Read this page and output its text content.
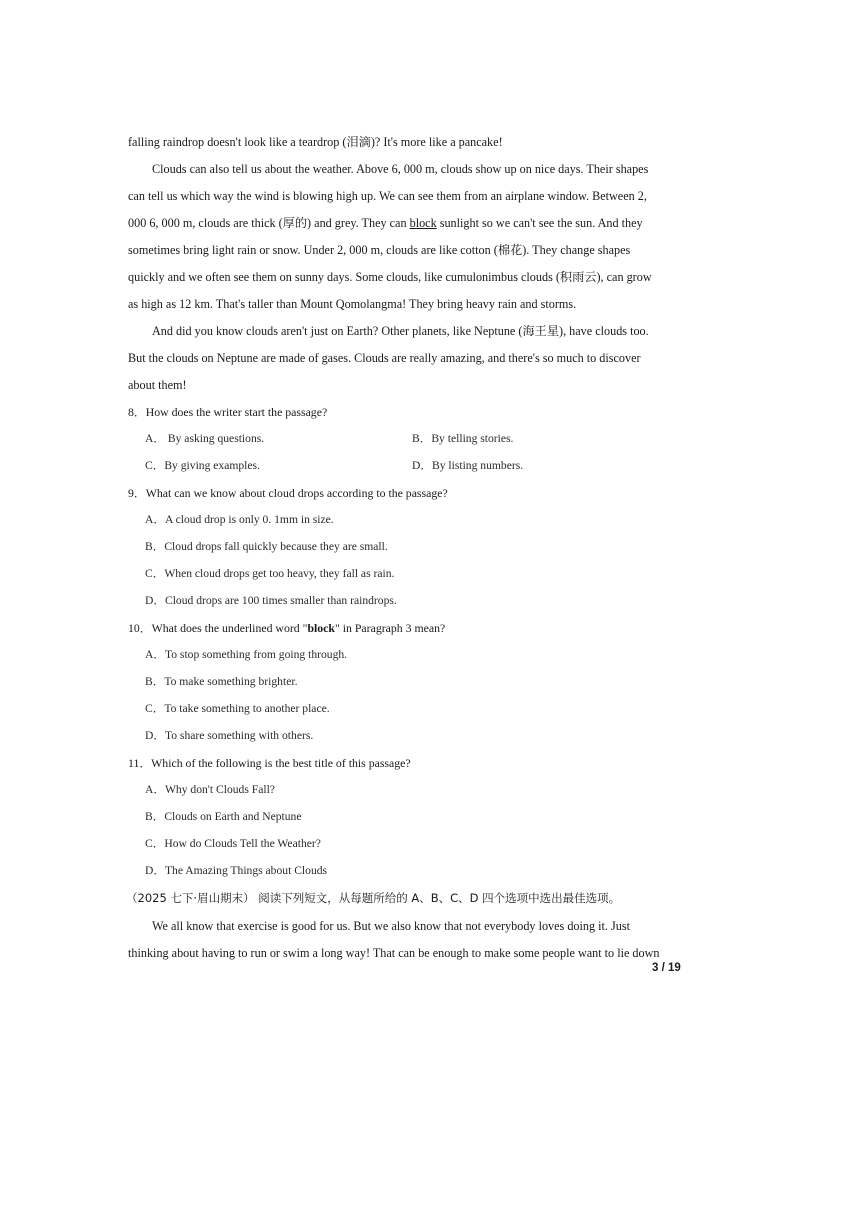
falling raindrop doesn't look like a teardrop (泪滴)? It's more like a pancake!
Clouds can also tell us about the weather. Above 6, 000 m, clouds show up on nice days. Their shapes
can tell us which way the wind is blowing high up. We can see them from an airplane window. Between 2,
000 6, 000 m, clouds are thick (厚的) and grey. They can block sunlight so we can't see the sun. And they
sometimes bring light rain or snow. Under 2, 000 m, clouds are like cotton (棉花). They change shapes
quickly and we often see them on sunny days. Some clouds, like cumulonimbus clouds (积雨云), can grow
as high as 12 km. That's taller than Mount Qomolangma! They bring heavy rain and storms.
And did you know clouds aren't just on Earth? Other planets, like Neptune (海王星), have clouds too.
But the clouds on Neptune are made of gases. Clouds are really amazing, and there's so much to discover
about them!
8．How does the writer start the passage?
A． By asking questions.	B．By telling stories.
C．By giving examples.	D．By listing numbers.
9．What can we know about cloud drops according to the passage?
A．A cloud drop is only 0. 1mm in size.
B．Cloud drops fall quickly because they are small.
C．When cloud drops get too heavy, they fall as rain.
D．Cloud drops are 100 times smaller than raindrops.
10．What does the underlined word "block" in Paragraph 3 mean?
A．To stop something from going through.
B．To make something brighter.
C．To take something to another place.
D．To share something with others.
11．Which of the following is the best title of this passage?
A．Why don't Clouds Fall?
B．Clouds on Earth and Neptune
C．How do Clouds Tell the Weather?
D．The Amazing Things about Clouds
（2025 七下·眉山期末） 阅读下列短文，从每题所给的 A、B、C、D 四个选项中选出最佳选项。
We all know that exercise is good for us. But we also know that not everybody loves doing it. Just
thinking about having to run or swim a long way! That can be enough to make some people want to lie down
3 / 19
